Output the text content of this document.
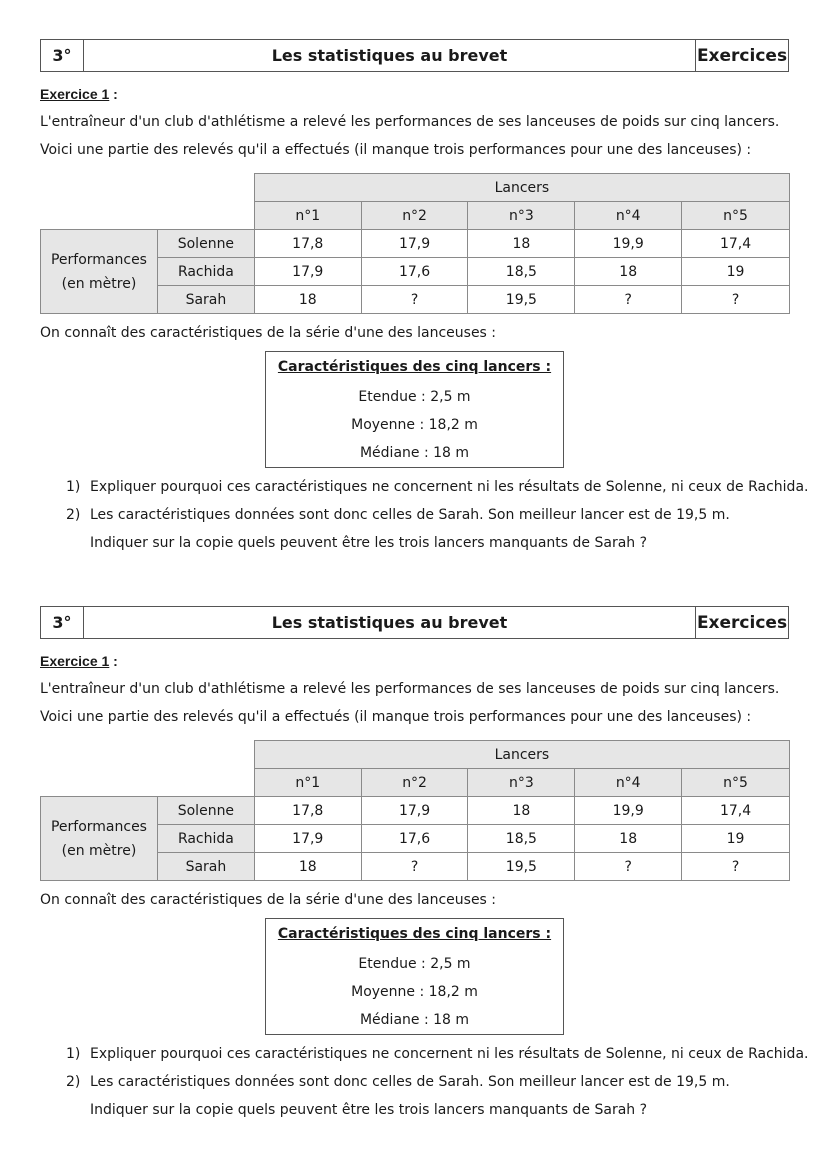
3°	Les statistiques au brevet	Exercices
Exercice 1 :
L'entraîneur d'un club d'athlétisme a relevé les performances de ses lanceuses de poids sur cinq lancers.
Voici une partie des relevés qu'il a effectués (il manque trois performances pour une des lanceuses) :
		Lancers				
		n°1	n°2	n°3	n°4	n°5
Performances
(en mètre)	Solenne	17,8	17,9	18	19,9	17,4
	Rachida	17,9	17,6	18,5	18	19
	Sarah	18	?	19,5	?	?
On connaît des caractéristiques de la série d'une des lanceuses :
Caractéristiques des cinq lancers :
Etendue : 2,5 m
Moyenne : 18,2 m
Médiane : 18 m
1) Expliquer pourquoi ces caractéristiques ne concernent ni les résultats de Solenne, ni ceux de Rachida.
2) Les caractéristiques données sont donc celles de Sarah. Son meilleur lancer est de 19,5 m.
Indiquer sur la copie quels peuvent être les trois lancers manquants de Sarah ?
3°	Les statistiques au brevet	Exercices
Exercice 1 :
L'entraîneur d'un club d'athlétisme a relevé les performances de ses lanceuses de poids sur cinq lancers.
Voici une partie des relevés qu'il a effectués (il manque trois performances pour une des lanceuses) :
		Lancers				
		n°1	n°2	n°3	n°4	n°5
Performances
(en mètre)	Solenne	17,8	17,9	18	19,9	17,4
	Rachida	17,9	17,6	18,5	18	19
	Sarah	18	?	19,5	?	?
On connaît des caractéristiques de la série d'une des lanceuses :
Caractéristiques des cinq lancers :
Etendue : 2,5 m
Moyenne : 18,2 m
Médiane : 18 m
1) Expliquer pourquoi ces caractéristiques ne concernent ni les résultats de Solenne, ni ceux de Rachida.
2) Les caractéristiques données sont donc celles de Sarah. Son meilleur lancer est de 19,5 m.
Indiquer sur la copie quels peuvent être les trois lancers manquants de Sarah ?
